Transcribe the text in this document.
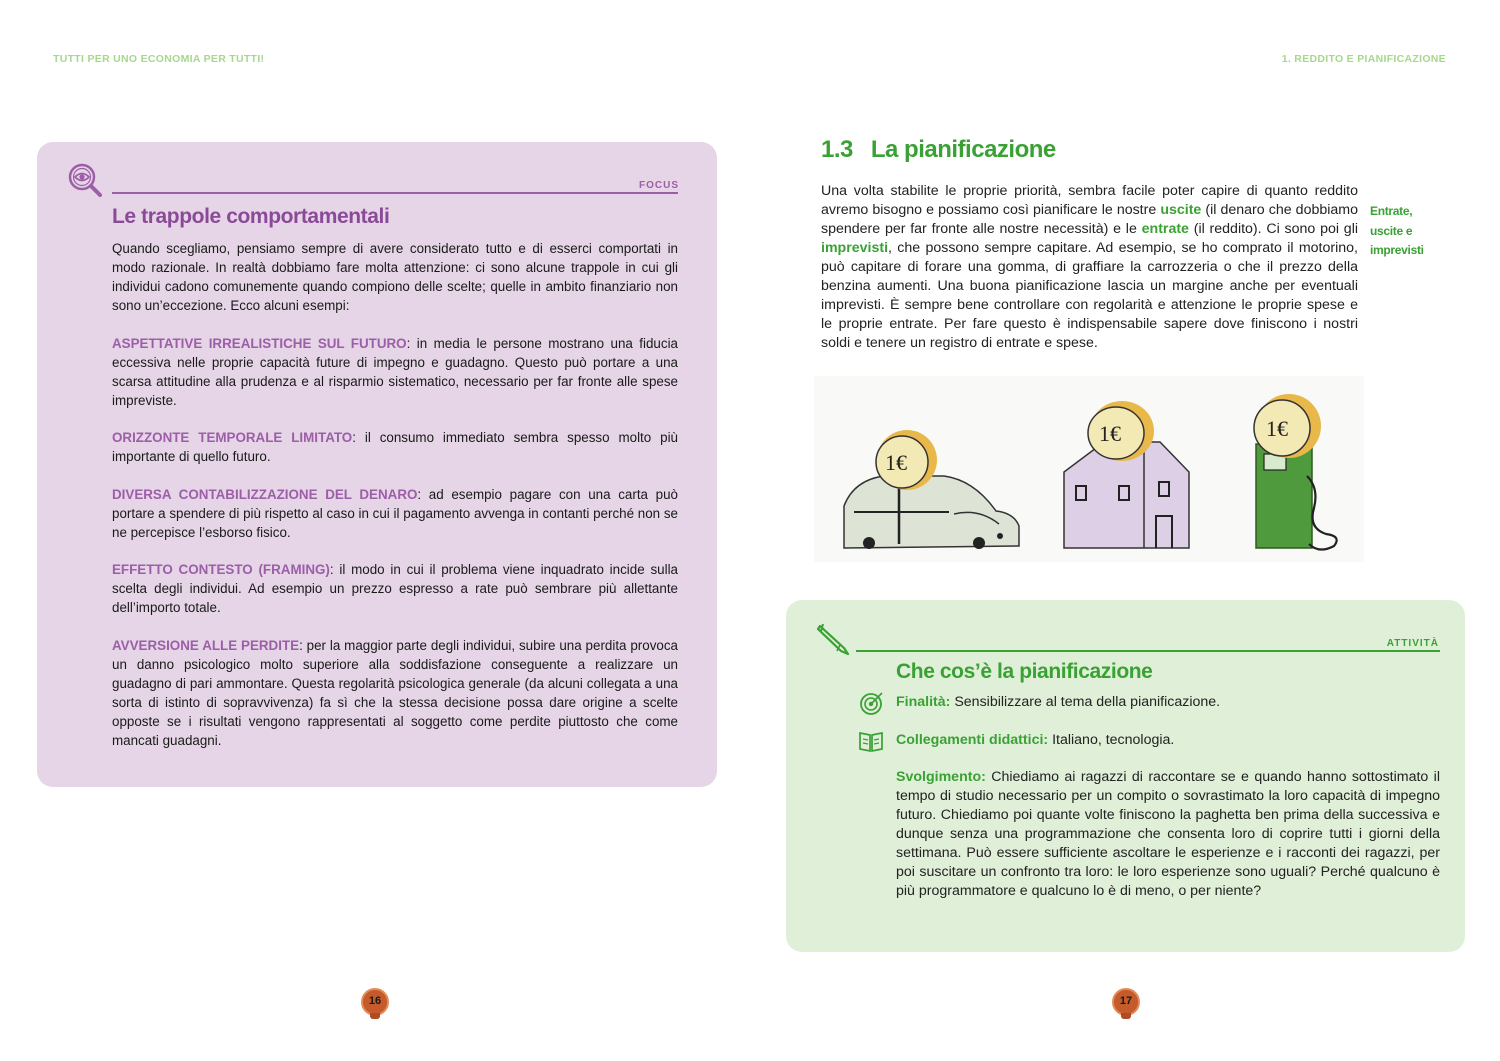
TUTTI PER UNO ECONOMIA PER TUTTI!	1. REDDITO E PIANIFICAZIONE
FOCUS
Le trappole comportamentali

Quando scegliamo, pensiamo sempre di avere considerato tutto e di esserci comportati in modo razionale. In realtà dobbiamo fare molta attenzione: ci sono alcune trappole in cui gli individui cadono comunemente quando compiono delle scelte; quelle in ambito finanziario non sono un’eccezione. Ecco alcuni esempi:

ASPETTATIVE IRREALISTICHE SUL FUTURO: in media le persone mostrano una fiducia eccessiva nelle proprie capacità future di impegno e guadagno. Questo può portare a una scarsa attitudine alla prudenza e al risparmio sistematico, necessario per far fronte alle spese impreviste.

ORIZZONTE TEMPORALE LIMITATO: il consumo immediato sembra spesso molto più importante di quello futuro.

DIVERSA CONTABILIZZAZIONE DEL DENARO: ad esempio pagare con una carta può portare a spendere di più rispetto al caso in cui il pagamento avvenga in contanti perché non se ne percepisce l’esborso fisico.

EFFETTO CONTESTO (FRAMING): il modo in cui il problema viene inquadrato incide sulla scelta degli individui. Ad esempio un prezzo espresso a rate può sembrare più allettante dell’importo totale.

AVVERSIONE ALLE PERDITE: per la maggior parte degli individui, subire una perdita provoca un danno psicologico molto superiore alla soddisfazione conseguente a realizzare un guadagno di pari ammontare. Questa regolarità psicologica generale (da alcuni collegata a una sorta di istinto di sopravvivenza) fa sì che la stessa decisione possa dare origine a scelte opposte se i risultati vengono rappresentati al soggetto come perdite piuttosto che come mancati guadagni.

1.3 La pianificazione
Una volta stabilite le proprie priorità, sembra facile poter capire di quanto reddito avremo bisogno e possiamo così pianificare le nostre uscite (il denaro che dobbiamo spendere per far fronte alle nostre necessità) e le entrate (il reddito). Ci sono poi gli imprevisti, che possono sempre capitare. Ad esempio, se ho comprato il motorino, può capitare di forare una gomma, di graffiare la carrozzeria o che il prezzo della benzina aumenti. Una buona pianificazione lascia un margine anche per eventuali imprevisti. È sempre bene controllare con regolarità e attenzione le proprie spese e le proprie entrate. Per fare questo è indispensabile sapere dove finiscono i nostri soldi e tenere un registro di entrate e spese.
Entrate,
uscite e
imprevisti
1€
1€	1€
ATTIVITÀ
Che cos’è la pianificazione
Finalità: Sensibilizzare al tema della pianificazione.
Collegamenti didattici: Italiano, tecnologia.
Svolgimento: Chiediamo ai ragazzi di raccontare se e quando hanno sottostimato il tempo di studio necessario per un compito o sovrastimato la loro capacità di impegno futuro. Chiediamo poi quante volte finiscono la paghetta ben prima della successiva e dunque senza una programmazione che consenta loro di coprire tutti i giorni della settimana. Può essere sufficiente ascoltare le esperienze e i racconti dei ragazzi, per poi suscitare un confronto tra loro: le loro esperienze sono uguali? Perché qualcuno è più programmatore e qualcuno lo è di meno, o per niente?
16	17
